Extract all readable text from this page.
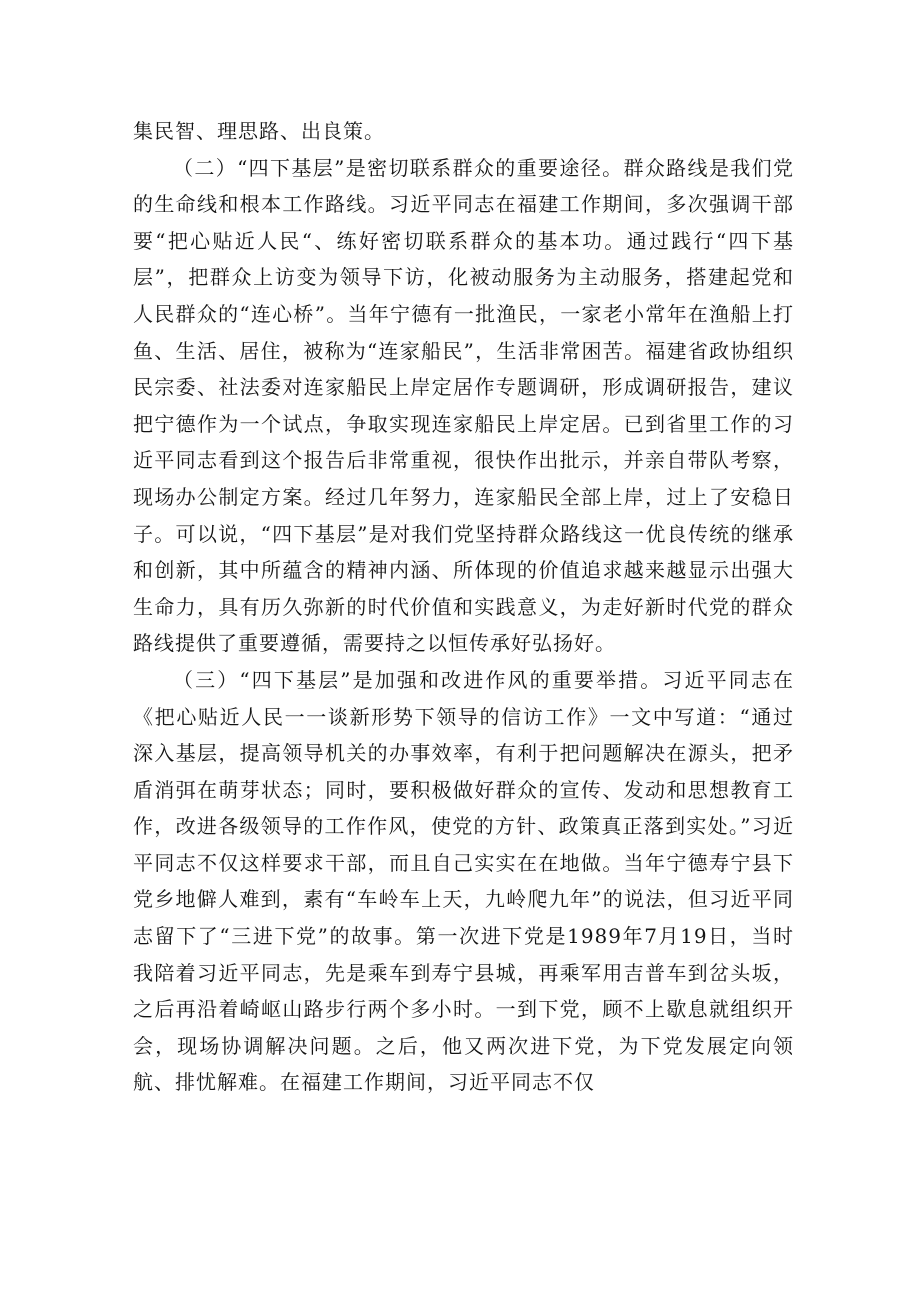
集民智、理思路、出良策。

（二）“四下基层”是密切联系群众的重要途径。群众路线是我们党的生命线和根本工作路线。习近平同志在福建工作期间，多次强调干部要“把心贴近人民“、练好密切联系群众的基本功。通过践行“四下基层”，把群众上访变为领导下访，化被动服务为主动服务，搭建起党和人民群众的“连心桥”。当年宁德有一批渔民，一家老小常年在渔船上打鱼、生活、居住，被称为“连家船民”，生活非常困苦。福建省政协组织民宗委、社法委对连家船民上岸定居作专题调研，形成调研报告，建议把宁德作为一个试点，争取实现连家船民上岸定居。已到省里工作的习近平同志看到这个报告后非常重视，很快作出批示，并亲自带队考察，现场办公制定方案。经过几年努力，连家船民全部上岸，过上了安稳日子。可以说，“四下基层”是对我们党坚持群众路线这一优良传统的继承和创新，其中所蕴含的精神内涵、所体现的价值追求越来越显示出强大生命力，具有历久弥新的时代价值和实践意义，为走好新时代党的群众路线提供了重要遵循，需要持之以恒传承好弘扬好。

（三）“四下基层”是加强和改进作风的重要举措。习近平同志在《把心贴近人民一一谈新形势下领导的信访工作》一文中写道：“通过深入基层，提高领导机关的办事效率，有利于把问题解决在源头，把矛盾消弭在萌芽状态；同时，要积极做好群众的宣传、发动和思想教育工作，改进各级领导的工作作风，使党的方针、政策真正落到实处。”习近平同志不仅这样要求干部，而且自己实实在在地做。当年宁德寿宁县下党乡地僻人难到，素有“车岭车上天，九岭爬九年”的说法，但习近平同志留下了“三进下党”的故事。第一次进下党是1989年7月19日，当时我陪着习近平同志，先是乘车到寿宁县城，再乘军用吉普车到岔头坂，之后再沿着崎岖山路步行两个多小时。一到下党，顾不上歇息就组织开会，现场协调解决问题。之后，他又两次进下党，为下党发展定向领航、排忧解难。在福建工作期间，习近平同志不仅
